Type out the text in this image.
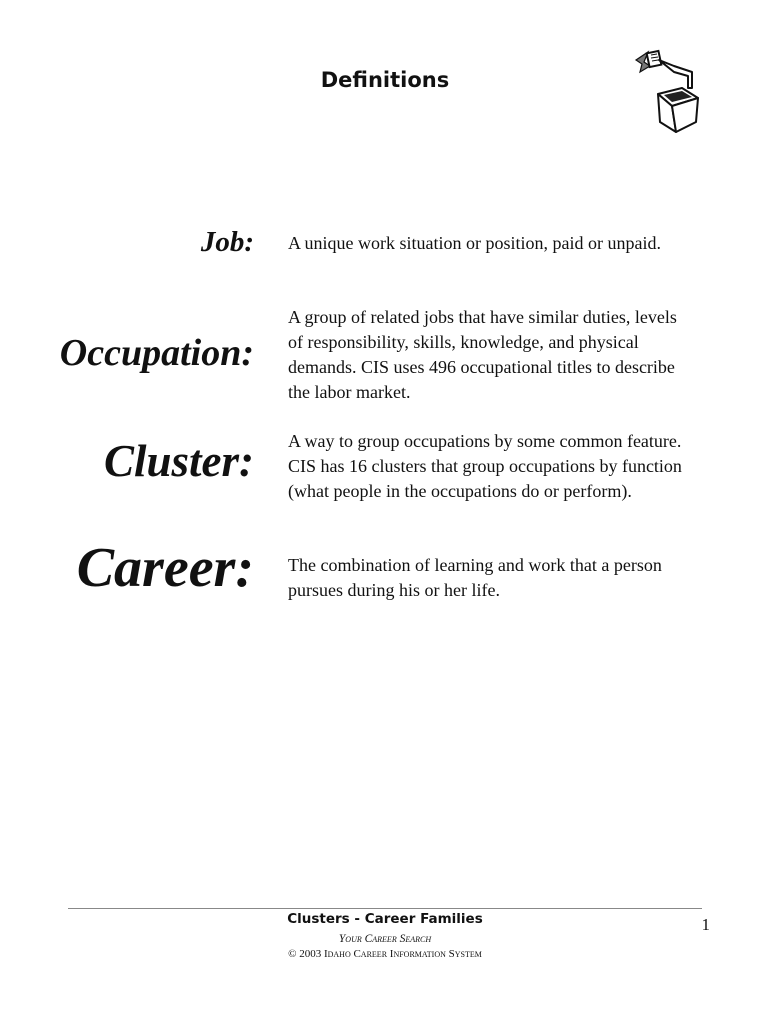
Definitions
Job: A unique work situation or position, paid or unpaid.
Occupation:
A group of related jobs that have similar duties, levels of responsibility, skills, knowledge, and physical demands. CIS uses 496 occupational titles to describe the labor market.
Cluster: A way to group occupations by some common feature. CIS has 16 clusters that group occupations by function (what people in the occupations do or perform).
Career: The combination of learning and work that a person pursues during his or her life.
Clusters - Career Families	1
Your Career Search
© 2003 Idaho Career Information System
